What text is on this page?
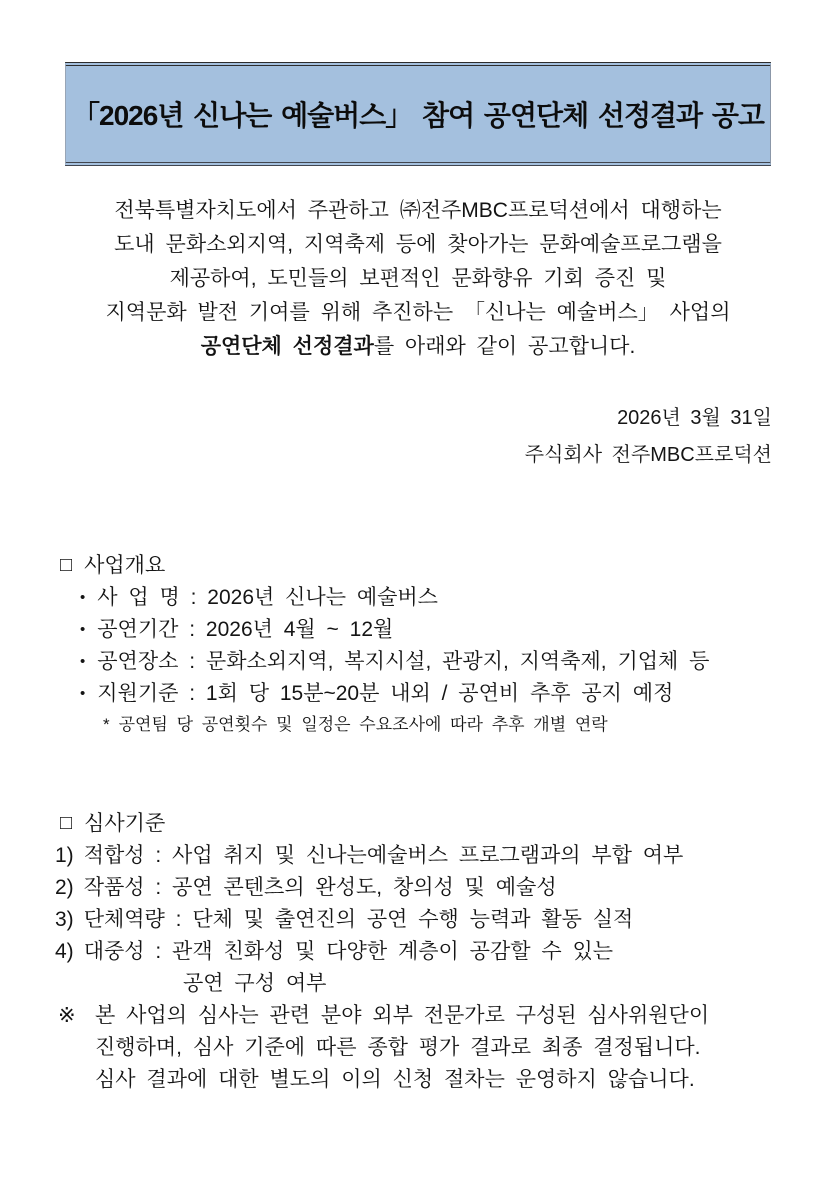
「2026년 신나는 예술버스」 참여 공연단체 선정결과 공고
전북특별자치도에서 주관하고 ㈜전주MBC프로덕션에서 대행하는
도내 문화소외지역, 지역축제 등에 찾아가는 문화예술프로그램을
제공하여, 도민들의 보편적인 문화향유 기회 증진 및
지역문화 발전 기여를 위해 추진하는 「신나는 예술버스」 사업의
공연단체 선정결과를 아래와 같이 공고합니다.
2026년 3월 31일
주식회사 전주MBC프로덕션
□ 사업개요
• 사 업 명 : 2026년 신나는 예술버스
• 공연기간 : 2026년 4월 ~ 12월
• 공연장소 : 문화소외지역, 복지시설, 관광지, 지역축제, 기업체 등
• 지원기준 : 1회 당 15분~20분 내외 / 공연비 추후 공지 예정
* 공연팀 당 공연횟수 및 일정은 수요조사에 따라 추후 개별 연락
□ 심사기준
1) 적합성 : 사업 취지 및 신나는예술버스 프로그램과의 부합 여부
2) 작품성 : 공연 콘텐츠의 완성도, 창의성 및 예술성
3) 단체역량 : 단체 및 출연진의 공연 수행 능력과 활동 실적
4) 대중성 : 관객 친화성 및 다양한 계층이 공감할 수 있는
공연 구성 여부
※ 본 사업의 심사는 관련 분야 외부 전문가로 구성된 심사위원단이
진행하며, 심사 기준에 따른 종합 평가 결과로 최종 결정됩니다.
심사 결과에 대한 별도의 이의 신청 절차는 운영하지 않습니다.
